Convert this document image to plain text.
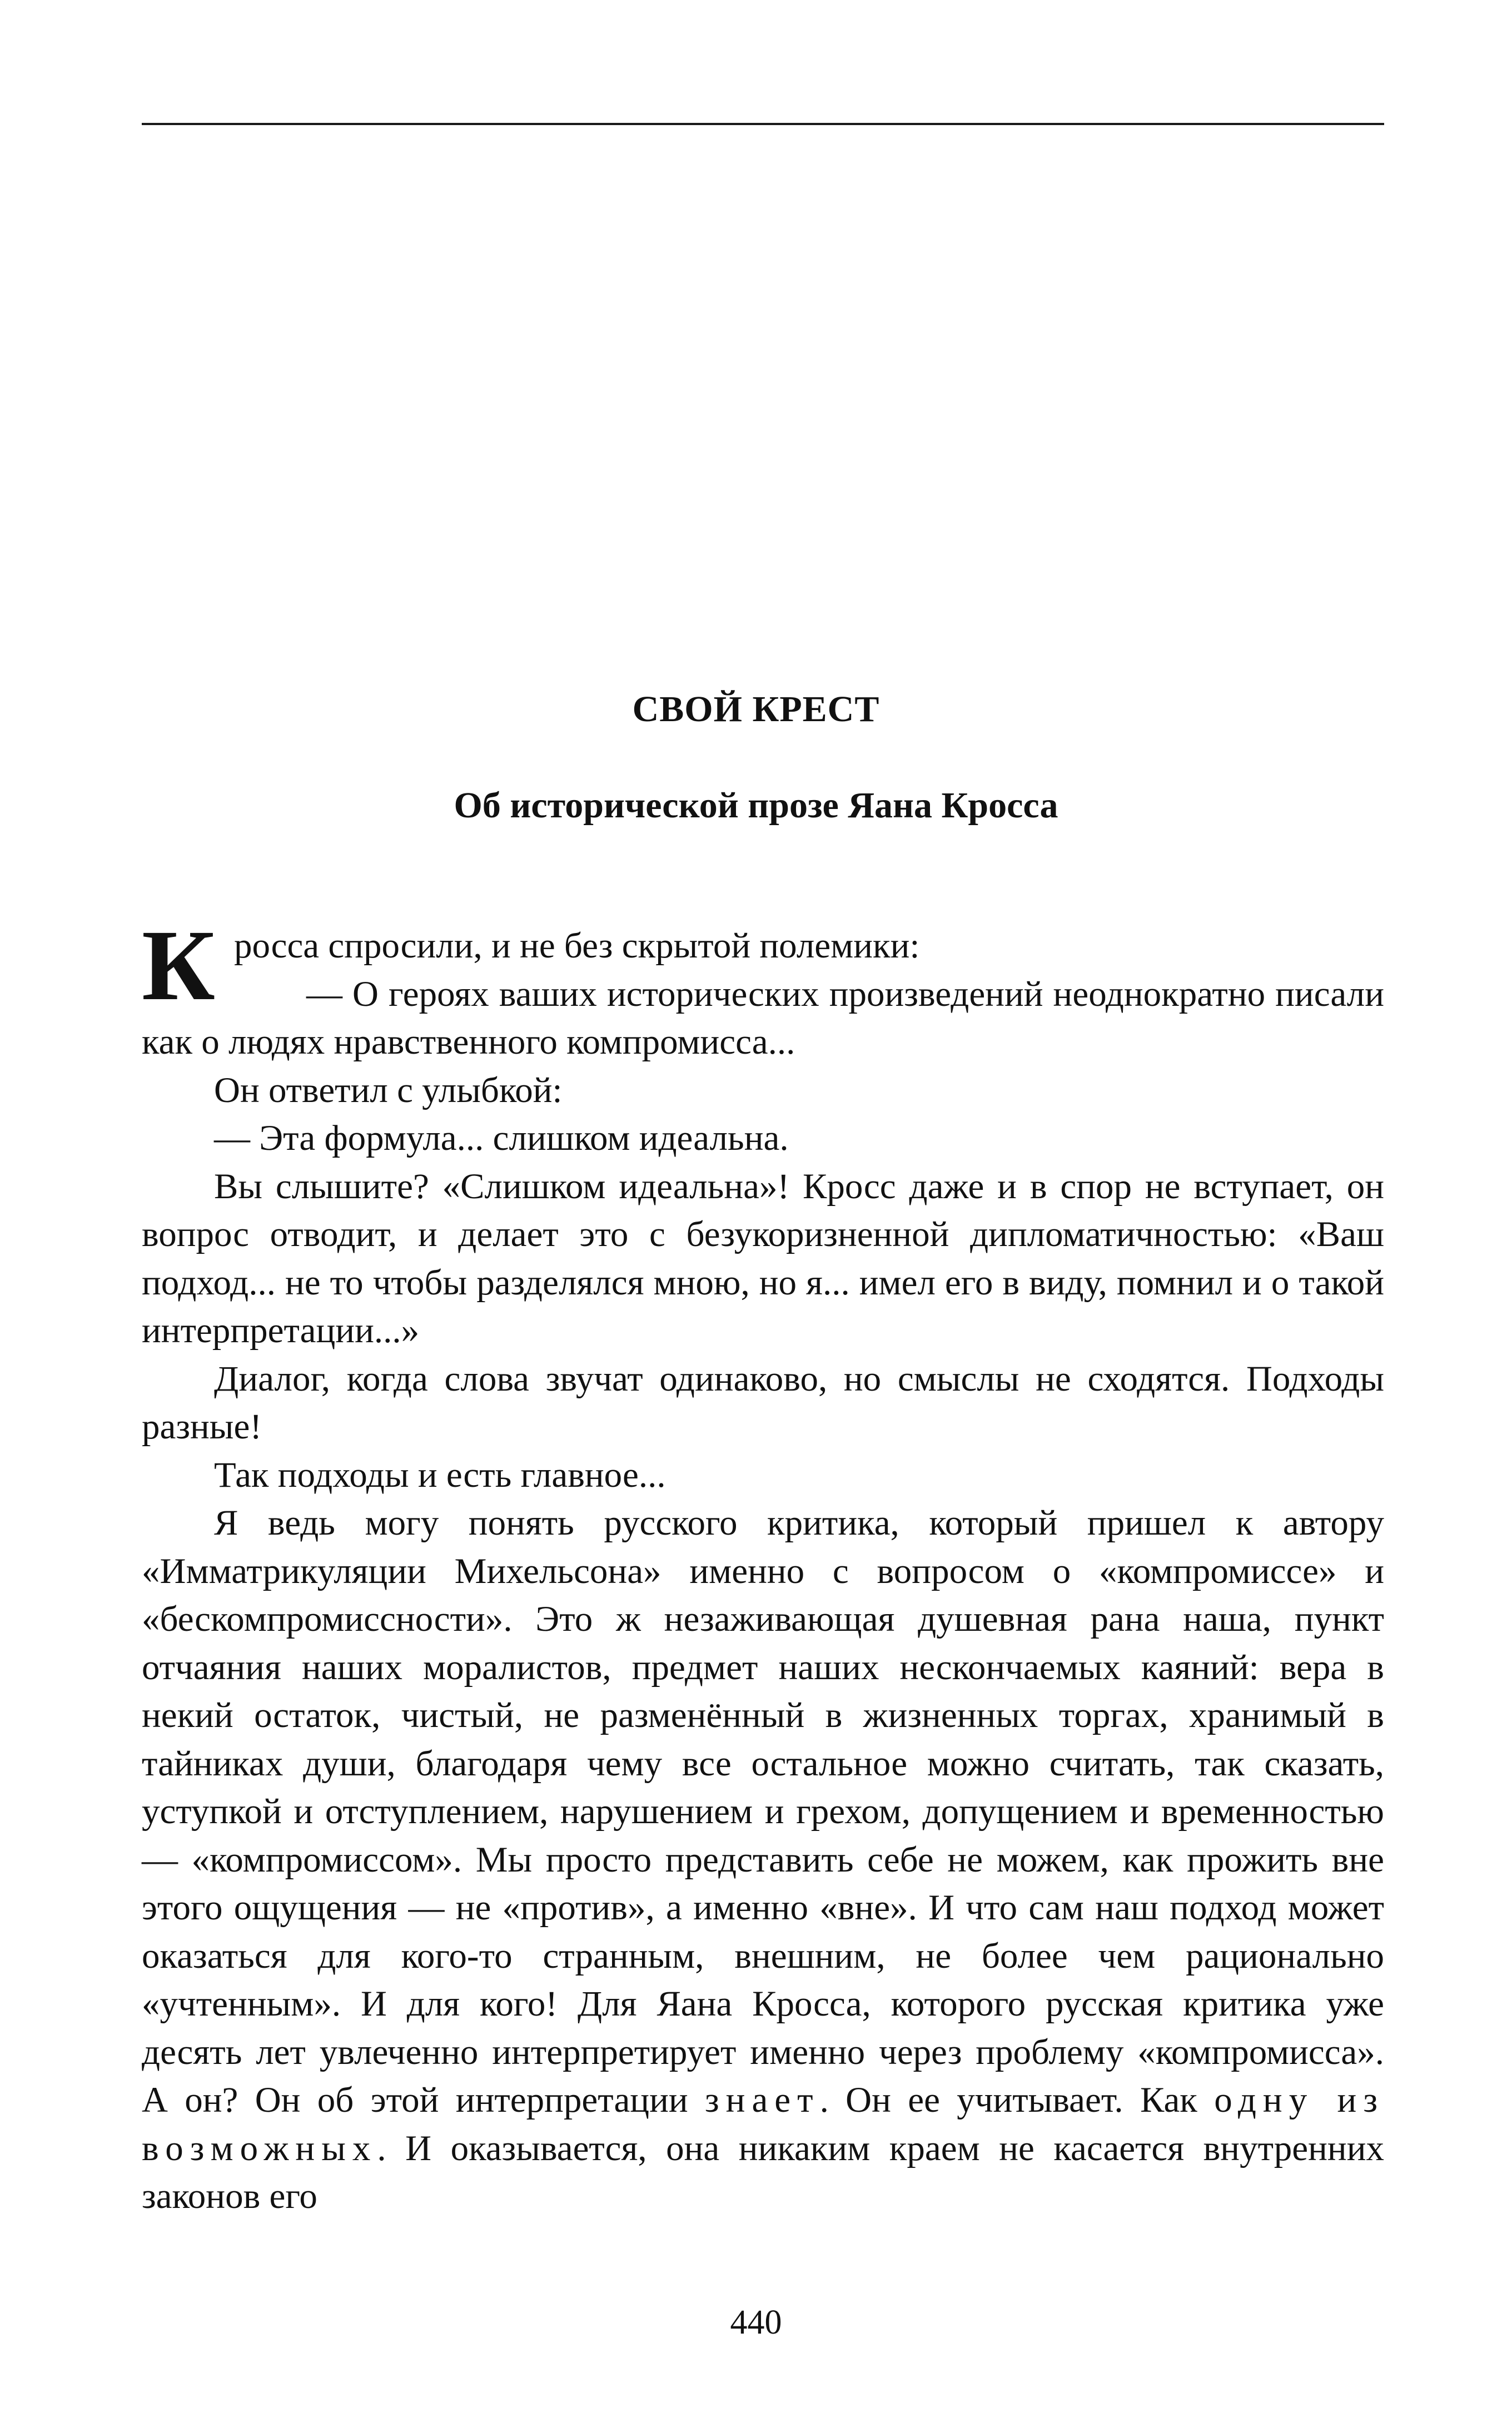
СВОЙ КРЕСТ
Об исторической прозе Яана Кросса

Кроссa спросили, и не без скрытой полемики:

— О героях ваших исторических произведений неоднократно писали как о людях нравственного компромисса...

Он ответил с улыбкой:

— Эта формула... слишком идеальна.

Вы слышите? «Слишком идеальна»! Кросс даже и в спор не вступает, он вопрос отводит, и делает это с безукоризненной дипломатичностью: «Ваш подход... не то чтобы разделялся мною, но я... имел его в виду, помнил и о такой интерпретации...»

Диалог, когда слова звучат одинаково, но смыслы не сходятся. Подходы разные!

Так подходы и есть главное...

Я ведь могу понять русского критика, который пришел к автору «Имматрикуляции Михельсона» именно с вопросом о «компромиссе» и «бескомпромиссности». Это ж незаживающая душевная рана наша, пункт отчаяния наших моралистов, предмет наших нескончаемых каяний: вера в некий остаток, чистый, не разменённый в жизненных торгах, хранимый в тайниках души, благодаря чему все остальное можно считать, так сказать, уступкой и отступлением, нарушением и грехом, допущением и временностью — «компромиссом». Мы просто представить себе не можем, как прожить вне этого ощущения — не «против», а именно «вне». И что сам наш подход может оказаться для кого-то странным, внешним, не более чем рационально «учтенным». И для кого! Для Яана Кросса, которого русская критика уже десять лет увлеченно интерпретирует именно через проблему «компромисса». А он? Он об этой интерпретации знает. Он ее учитывает. Как одну из возможных. И оказывается, она никаким краем не касается внутренних законов его

440
